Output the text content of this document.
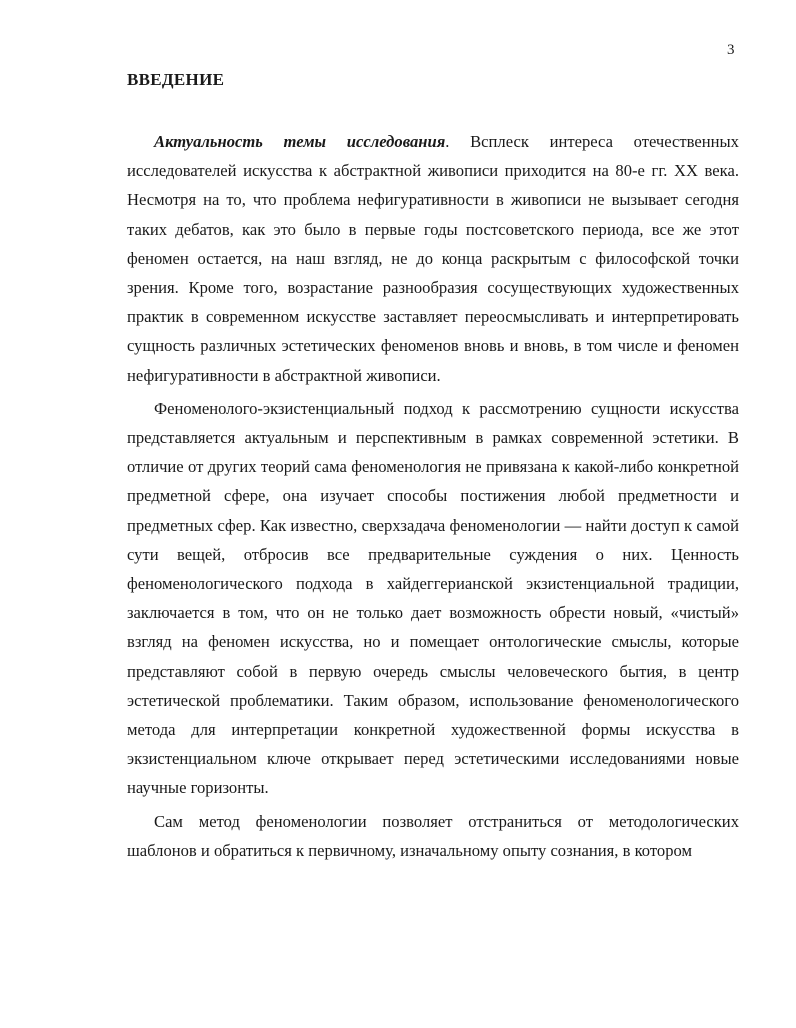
3
ВВЕДЕНИЕ

Актуальность темы исследования. Всплеск интереса отечественных исследователей искусства к абстрактной живописи приходится на 80-е гг. XX века. Несмотря на то, что проблема нефигуративности в живописи не вызывает сегодня таких дебатов, как это было в первые годы постсоветского периода, все же этот феномен остается, на наш взгляд, не до конца раскрытым с философской точки зрения. Кроме того, возрастание разнообразия сосуществующих художественных практик в современном искусстве заставляет переосмысливать и интерпретировать сущность различных эстетических феноменов вновь и вновь, в том числе и феномен нефигуративности в абстрактной живописи.

Феноменолого-экзистенциальный подход к рассмотрению сущности искусства представляется актуальным и перспективным в рамках современной эстетики. В отличие от других теорий сама феноменология не привязана к какой-либо конкретной предметной сфере, она изучает способы постижения любой предметности и предметных сфер. Как известно, сверхзадача феноменологии — найти доступ к самой сути вещей, отбросив все предварительные суждения о них. Ценность феноменологического подхода в хайдеггерианской экзистенциальной традиции, заключается в том, что он не только дает возможность обрести новый, «чистый» взгляд на феномен искусства, но и помещает онтологические смыслы, которые представляют собой в первую очередь смыслы человеческого бытия, в центр эстетической проблематики. Таким образом, использование феноменологического метода для интерпретации конкретной художественной формы искусства в экзистенциальном ключе открывает перед эстетическими исследованиями новые научные горизонты.

Сам метод феноменологии позволяет отстраниться от методологических шаблонов и обратиться к первичному, изначальному опыту сознания, в котором
